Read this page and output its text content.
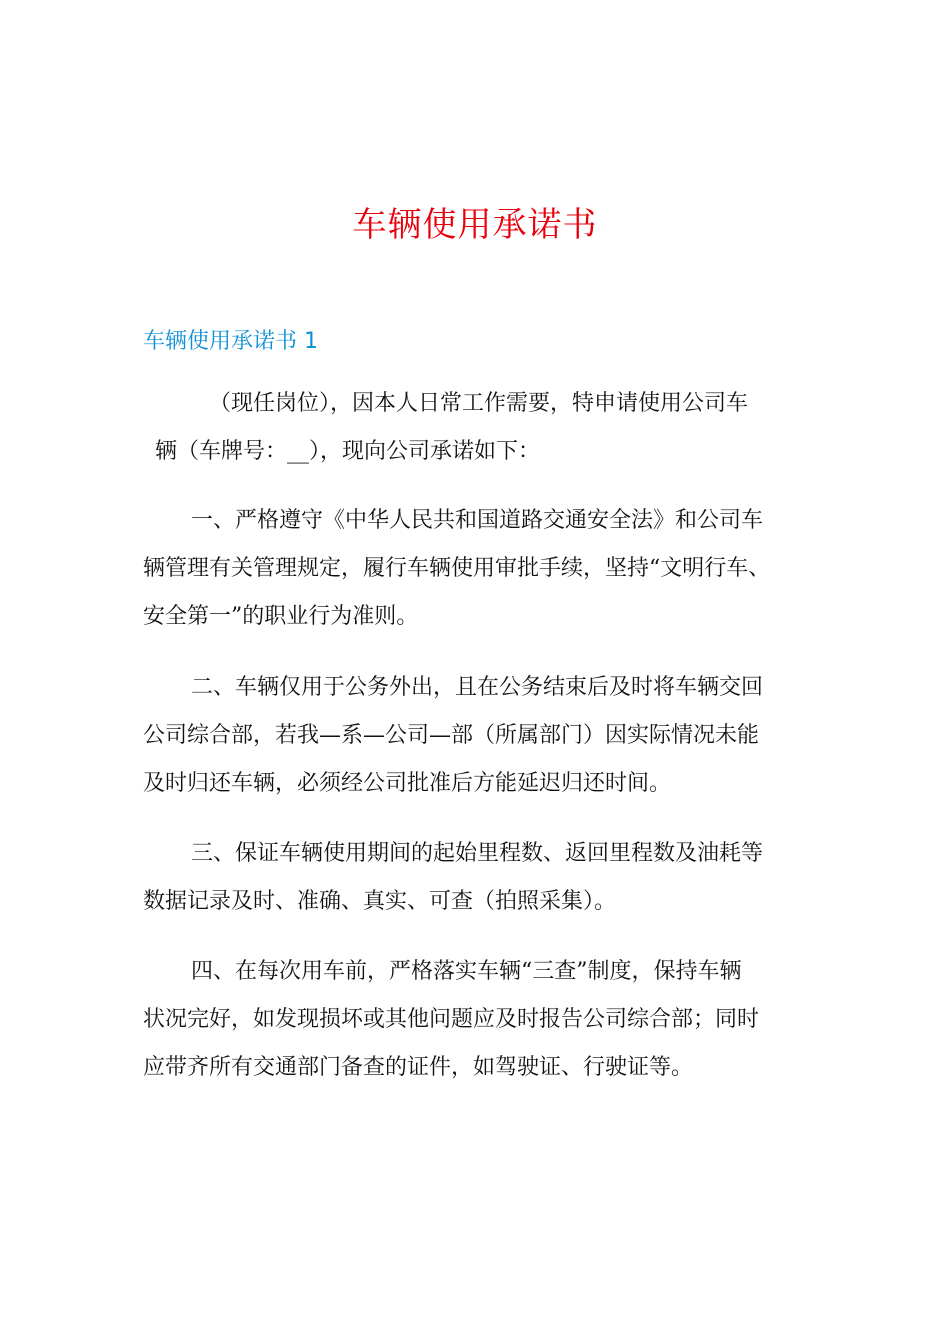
车辆使用承诺书
车辆使用承诺书 1

（现任岗位），因本人日常工作需要，特申请使用公司车
辆（车牌号：__），现向公司承诺如下：

一、严格遵守《中华人民共和国道路交通安全法》和公司车
辆管理有关管理规定，履行车辆使用审批手续，坚持“文明行车、
安全第一”的职业行为准则。

二、车辆仅用于公务外出，且在公务结束后及时将车辆交回
公司综合部，若我—系—公司—部（所属部门）因实际情况未能
及时归还车辆，必须经公司批准后方能延迟归还时间。

三、保证车辆使用期间的起始里程数、返回里程数及油耗等
数据记录及时、准确、真实、可查（拍照采集）。

四、在每次用车前，严格落实车辆“三查”制度，保持车辆
状况完好，如发现损坏或其他问题应及时报告公司综合部；同时
应带齐所有交通部门备查的证件，如驾驶证、行驶证等。
